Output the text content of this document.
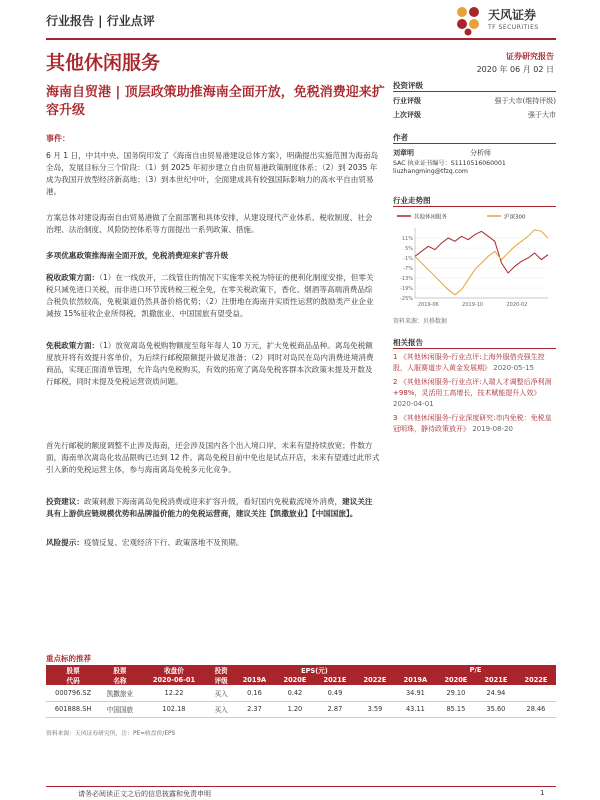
行业报告 | 行业点评	天风证券
TF SECURITIES
其他休闲服务	证券研究报告
2020 年 06 月 02 日
海南自贸港 | 顶层政策助推海南全面开放，免税消费迎来扩容升级
事件：
6 月 1 日，中共中央、国务院印发了《海南自由贸易港建设总体方案》，明确提出实施范围为海南岛全岛，发展目标分三个阶段：（1）到 2025 年初步建立自由贸易港政策制度体系；（2）到 2035 年成为我国开放型经济新高地；（3）到本世纪中叶，全面建成具有较强国际影响力的高水平自由贸易港。
方案总体对建设海南自由贸易港做了全面部署和具体安排，从建设现代产业体系、税收制度、社会治理、法治制度、风险防控体系等方面提出一系列政策、措施。
多项优惠政策推海南全面开放，免税消费迎来扩容升级
税收政策方面：（1）在一线放开，二线管住的情况下实施零关税为特征的便利化制度安排，但零关税只减免进口关税，而非进口环节流转税三税全免，在零关税政策下，香化、烟酒等高端消费品综合税负依然较高，免税渠道仍然具备价格优势；（2）注册地在海南并实质性运营的鼓励类产业企业减按 15%征收企业所得税，凯撒旅业、中国国旅有望受益。
免税政策方面：（1）放宽离岛免税购物额度至每年每人 10 万元，扩大免税商品品种。离岛免税额度放开将有效提升客单价，为后续行邮税限额提升做足准备；（2）同时对岛民在岛内消费进境消费商品，实现正面清单管理，允许岛内免税购买，有效的拓宽了离岛免税客群本次政策未提及开数及行邮税，同时未提及免税运营资质问题。
首先行邮税的额度调整不止涉及海南，还会涉及国内各个出入境口岸，未来有望持续放宽；件数方面，海南单次离岛化妆品限购已达到 12 件。离岛免税目前中免也是试点开店，未来有望通过此形式引入新的免税运营主体，参与海南离岛免税多元化竞争。
投资建议：政策刺激下海南离岛免税消费或迎来扩容升级，看好国内免税截流境外消费，建议关注具有上游供应链规模优势和品牌溢价能力的免税运营商，建议关注【凯撒旅业】【中国国旅】。
风险提示：疫情反复、宏观经济下行、政策落地不及预期。
投资评级
行业评级	强于大市(维持评级)
上次评级	强于大市
作者
刘章明	分析师
SAC 执业证书编号：S1110516060001
liuzhangming@tfzq.com
行业走势图
其他休闲服务	沪深300
11%
5%
-1%
-7%
-13%
-19%
-25%
2019-06	2019-10	2020-02
资料来源：贝格数据
相关报告
1 《其他休闲服务-行业点评:上海外服借壳强生控股，人服赛道步入黄金发展期》 2020-05-15
2 《其他休闲服务-行业点评:人瑞人才调整后净利润+98%，灵活用工高增长，技术赋能提升人效》 2020-04-01
3 《其他休闲服务-行业深度研究:市内免税：免税皇冠明珠，静待政策放开》 2019-08-20
重点标的推荐
股票	股票	收盘价	投资	EPS(元)				P/E			
代码	名称	2020-06-01	评级	2019A	2020E	2021E	2022E	2019A	2020E	2021E	2022E
000796.SZ	凯撒旅业	12.22	买入	0.16	0.42	0.49		34.91	29.10	24.94	
601888.SH	中国国旅	102.18	买入	2.37	1.20	2.87	3.59	43.11	85.15	35.60	28.46
资料来源：天风证券研究所，注：PE=收盘价/EPS
请务必阅读正文之后的信息披露和免责申明	1
